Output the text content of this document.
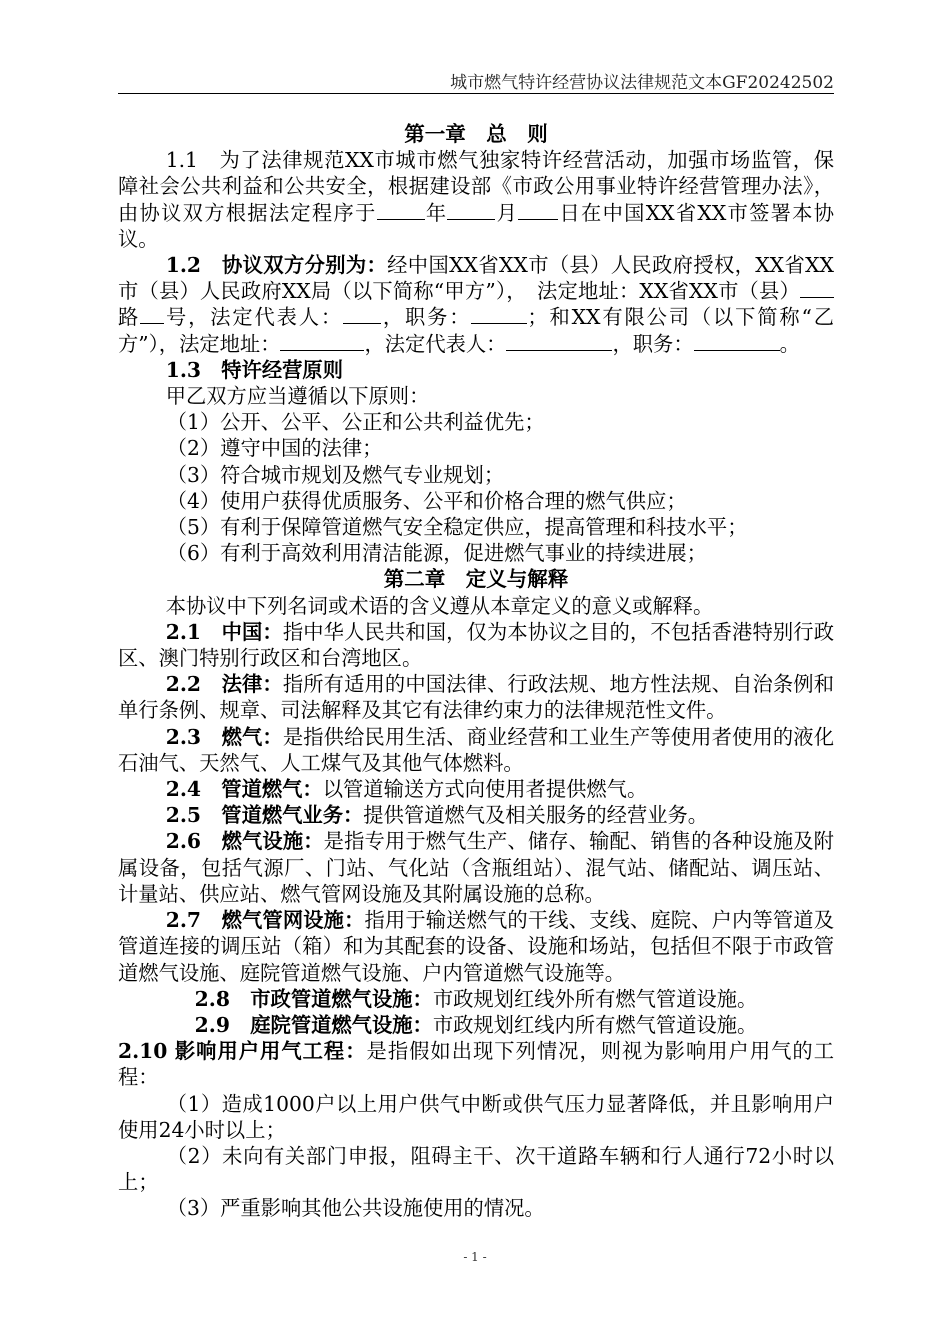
城市燃气特许经营协议法律规范文本GF20242502

第一章　总　则

1.1　 为了法律规范XX市城市燃气独家特许经营活动，加强市场监管，保障社会公共利益和公共安全，根据建设部《市政公用事业特许经营管理办法》，由协议双方根据法定程序于 年 月 日在中国XX省XX市签署本协议。

1.2　 协议双方分别为：经中国XX省XX市（县）人民政府授权，XX省XX市（县）人民政府XX局（以下简称“甲方”），　法定地址：XX省XX市（县）路 号，法定代表人： ，职务：	；和XX有限公司（以下简称“乙方”），法定地址：	，法定代表人：	，职务：	。

1.3　 特许经营原则

甲乙双方应当遵循以下原则：

（1）公开、公平、公正和公共利益优先；

（2）遵守中国的法律；

（3）符合城市规划及燃气专业规划；

（4）使用户获得优质服务、公平和价格合理的燃气供应；

（5）有利于保障管道燃气安全稳定供应，提高管理和科技水平；

（6）有利于高效利用清洁能源，促进燃气事业的持续进展；

第二章　定义与解释

本协议中下列名词或术语的含义遵从本章定义的意义或解释。

2.1　 中国：指中华人民共和国，仅为本协议之目的，不包括香港特别行政区、澳门特别行政区和台湾地区。

2.2　 法律：指所有适用的中国法律、行政法规、地方性法规、自治条例和单行条例、规章、司法解释及其它有法律约束力的法律规范性文件。

2.3　 燃气：是指供给民用生活、商业经营和工业生产等使用者使用的液化石油气、天然气、人工煤气及其他气体燃料。

2.4　 管道燃气：以管道输送方式向使用者提供燃气。

2.5　 管道燃气业务：提供管道燃气及相关服务的经营业务。

2.6　 燃气设施：是指专用于燃气生产、储存、输配、销售的各种设施及附属设备，包括气源厂、门站、气化站（含瓶组站）、混气站、储配站、调压站、计量站、供应站、燃气管网设施及其附属设施的总称。

2.7　 燃气管网设施：指用于输送燃气的干线、支线、庭院、户内等管道及管道连接的调压站（箱）和为其配套的设备、设施和场站，包括但不限于市政管道燃气设施、庭院管道燃气设施、户内管道燃气设施等。

2.8　 市政管道燃气设施：市政规划红线外所有燃气管道设施。

2.9　 庭院管道燃气设施：市政规划红线内所有燃气管道设施。

2.10 影响用户用气工程：是指假如出现下列情况，则视为影响用户用气的工程：

（1）造成1000户以上用户供气中断或供气压力显著降低，并且影响用户使用24小时以上；

（2）未向有关部门申报，阻碍主干、次干道路车辆和行人通行72小时以上；

（3）严重影响其他公共设施使用的情况。

- 1 -
